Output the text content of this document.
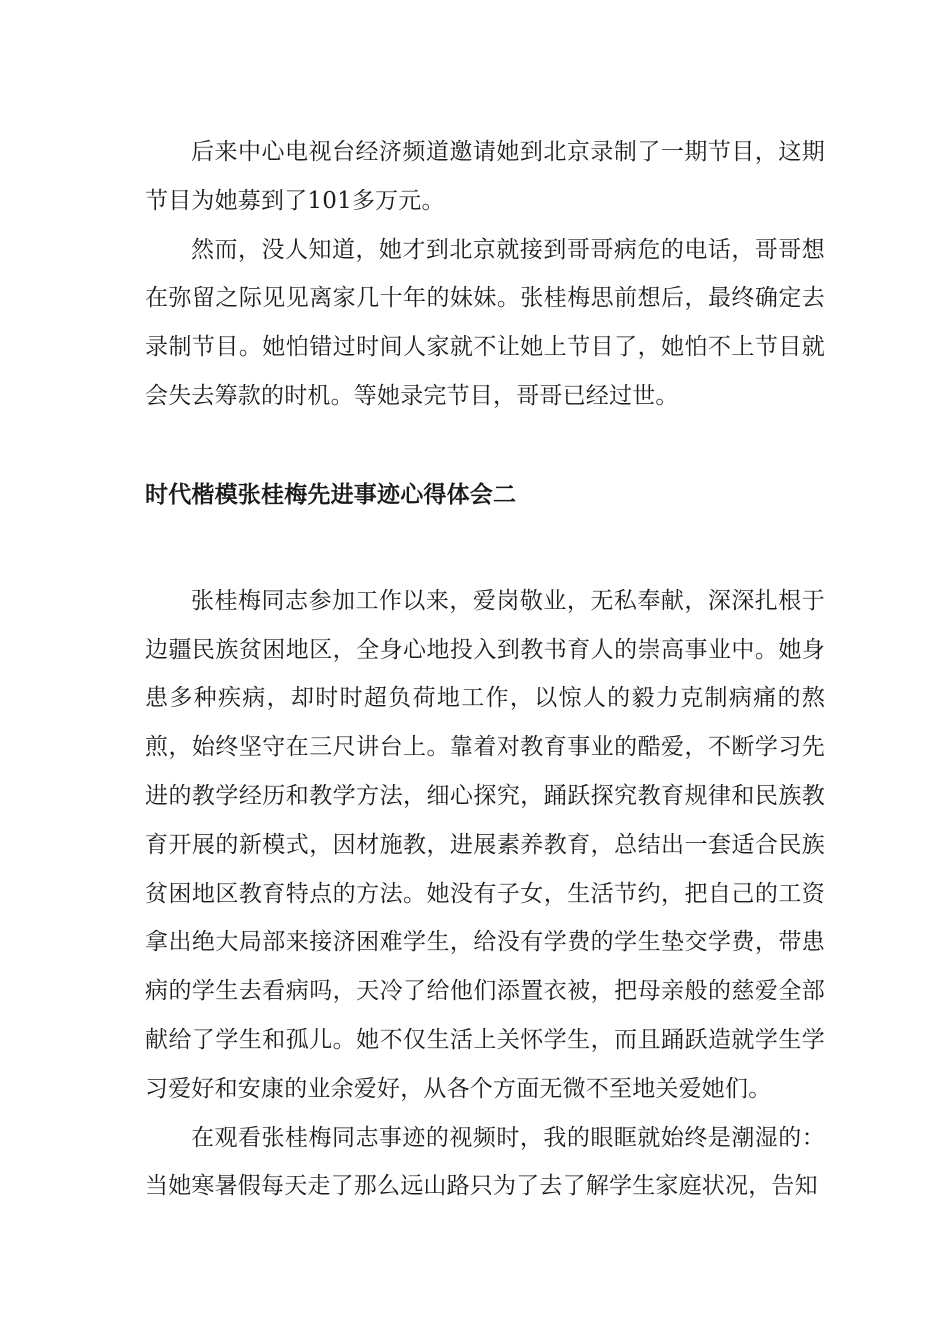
后来中心电视台经济频道邀请她到北京录制了一期节目，这期节目为她募到了101多万元。

然而，没人知道，她才到北京就接到哥哥病危的电话，哥哥想在弥留之际见见离家几十年的妹妹。张桂梅思前想后，最终确定去录制节目。她怕错过时间人家就不让她上节目了，她怕不上节目就会失去筹款的时机。等她录完节目，哥哥已经过世。

时代楷模张桂梅先进事迹心得体会二

张桂梅同志参加工作以来，爱岗敬业，无私奉献，深深扎根于边疆民族贫困地区，全身心地投入到教书育人的崇高事业中。她身患多种疾病，却时时超负荷地工作，以惊人的毅力克制病痛的熬煎，始终坚守在三尺讲台上。靠着对教育事业的酷爱，不断学习先进的教学经历和教学方法，细心探究，踊跃探究教育规律和民族教育开展的新模式，因材施教，进展素养教育，总结出一套适合民族贫困地区教育特点的方法。她没有子女，生活节约，把自己的工资拿出绝大局部来接济困难学生，给没有学费的学生垫交学费，带患病的学生去看病吗，天冷了给他们添置衣被，把母亲般的慈爱全部献给了学生和孤儿。她不仅生活上关怀学生，而且踊跃造就学生学习爱好和安康的业余爱好，从各个方面无微不至地关爱她们。

在观看张桂梅同志事迹的视频时，我的眼眶就始终是潮湿的：当她寒暑假每天走了那么远山路只为了去了解学生家庭状况，告知
